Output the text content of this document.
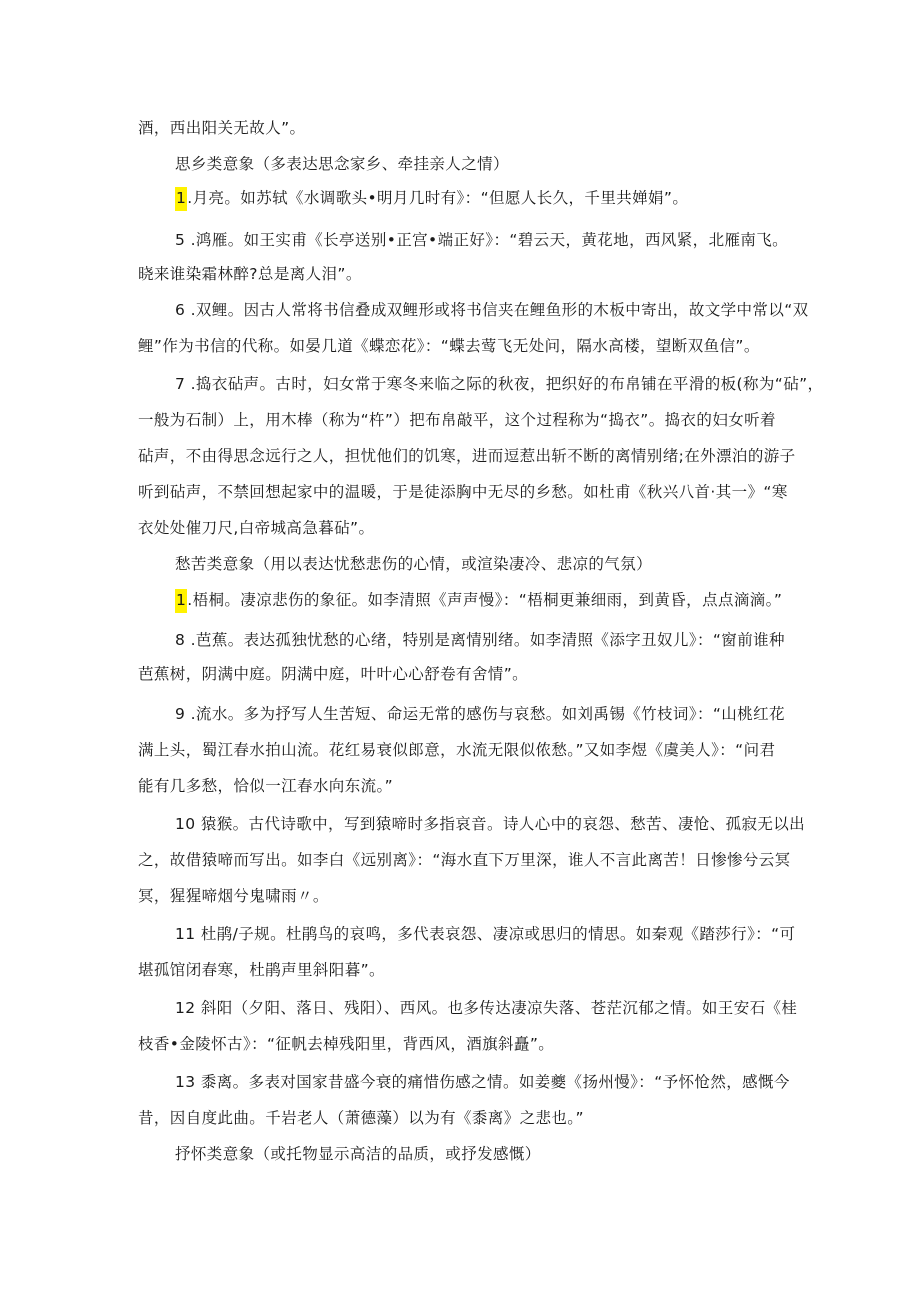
酒，西出阳关无故人”。
思乡类意象（多表达思念家乡、牵挂亲人之情）
1.月亮。如苏轼《水调歌头•明月几时有》：“但愿人长久，千里共婵娟”。
5 .鸿雁。如王实甫《长亭送别•正宫•端正好》：“碧云天，黄花地，西风紧，北雁南飞。
晓来谁染霜林醉?总是离人泪”。
6 .双鲤。因古人常将书信叠成双鲤形或将书信夹在鲤鱼形的木板中寄出，故文学中常以“双
鲤”作为书信的代称。如晏几道《蝶恋花》：“蝶去莺飞无处问，隔水高楼，望断双鱼信”。
7 .捣衣砧声。古时，妇女常于寒冬来临之际的秋夜，把织好的布帛铺在平滑的板(称为“砧”，
一般为石制）上，用木棒（称为“杵”）把布帛敲平，这个过程称为“捣衣”。捣衣的妇女听着
砧声，不由得思念远行之人，担忧他们的饥寒，进而逗惹出斩不断的离情别绪;在外漂泊的游子
听到砧声，不禁回想起家中的温暖，于是徒添胸中无尽的乡愁。如杜甫《秋兴八首·其一》“寒
衣处处催刀尺,白帝城高急暮砧”。
愁苦类意象（用以表达忧愁悲伤的心情，或渲染凄冷、悲凉的气氛）
1.梧桐。凄凉悲伤的象征。如李清照《声声慢》：“梧桐更兼细雨，到黄昏，点点滴滴。”
8 .芭蕉。表达孤独忧愁的心绪，特别是离情别绪。如李清照《添字丑奴儿》：“窗前谁种
芭蕉树，阴满中庭。阴满中庭，叶叶心心舒卷有舍情”。
9 .流水。多为抒写人生苦短、命运无常的感伤与哀愁。如刘禹锡《竹枝词》：“山桃红花
满上头，蜀江春水拍山流。花红易衰似郎意，水流无限似侬愁。”又如李煜《虞美人》：“问君
能有几多愁，恰似一江春水向东流。”
10 猿猴。古代诗歌中，写到猿啼时多指哀音。诗人心中的哀怨、愁苦、凄怆、孤寂无以出
之，故借猿啼而写出。如李白《远别离》：“海水直下万里深，谁人不言此离苦！日惨惨兮云冥
冥，猩猩啼烟兮鬼啸雨〃。
11 杜鹃/子规。杜鹃鸟的哀鸣，多代表哀怨、凄凉或思归的情思。如秦观《踏莎行》：“可
堪孤馆闭春寒，杜鹃声里斜阳暮”。
12 斜阳（夕阳、落日、残阳）、西风。也多传达凄凉失落、苍茫沉郁之情。如王安石《桂
枝香•金陵怀古》：“征帆去棹残阳里，背西风，酒旗斜矗”。
13 黍离。多表对国家昔盛今衰的痛惜伤感之情。如姜夔《扬州慢》：“予怀怆然，感慨今
昔，因自度此曲。千岩老人（萧德藻）以为有《黍离》之悲也。”
抒怀类意象（或托物显示高洁的品质，或抒发感慨）
